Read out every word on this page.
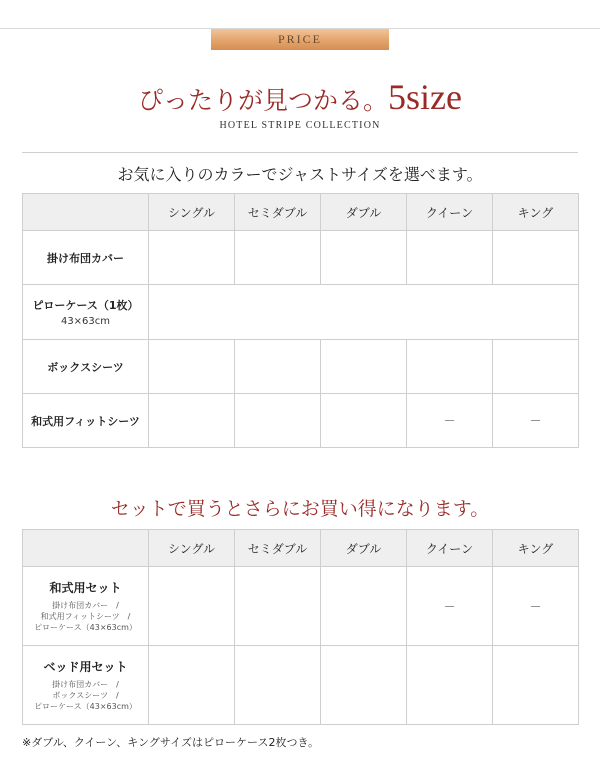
PRICE
ぴったりが見つかる。5size
HOTEL STRIPE COLLECTION
お気に入りのカラーでジャストサイズを選べます。
	シングル	セミダブル	ダブル	クイーン	キング

掛け布団カバー					

ピローケース（1枚）
43×63cm					

ボックスシーツ					

和式用フィットシーツ				－	－
セットで買うとさらにお買い得になります。
	シングル	セミダブル	ダブル	クイーン	キング

和式用セット
掛け布団カバー　/
和式用フィットシーツ　/
ピローケース（43×63cm）				－	－

ベッド用セット
掛け布団カバー　/
ボックスシーツ　/
ピローケース（43×63cm）					

※ダブル、クイーン、キングサイズはピローケース2枚つき。
